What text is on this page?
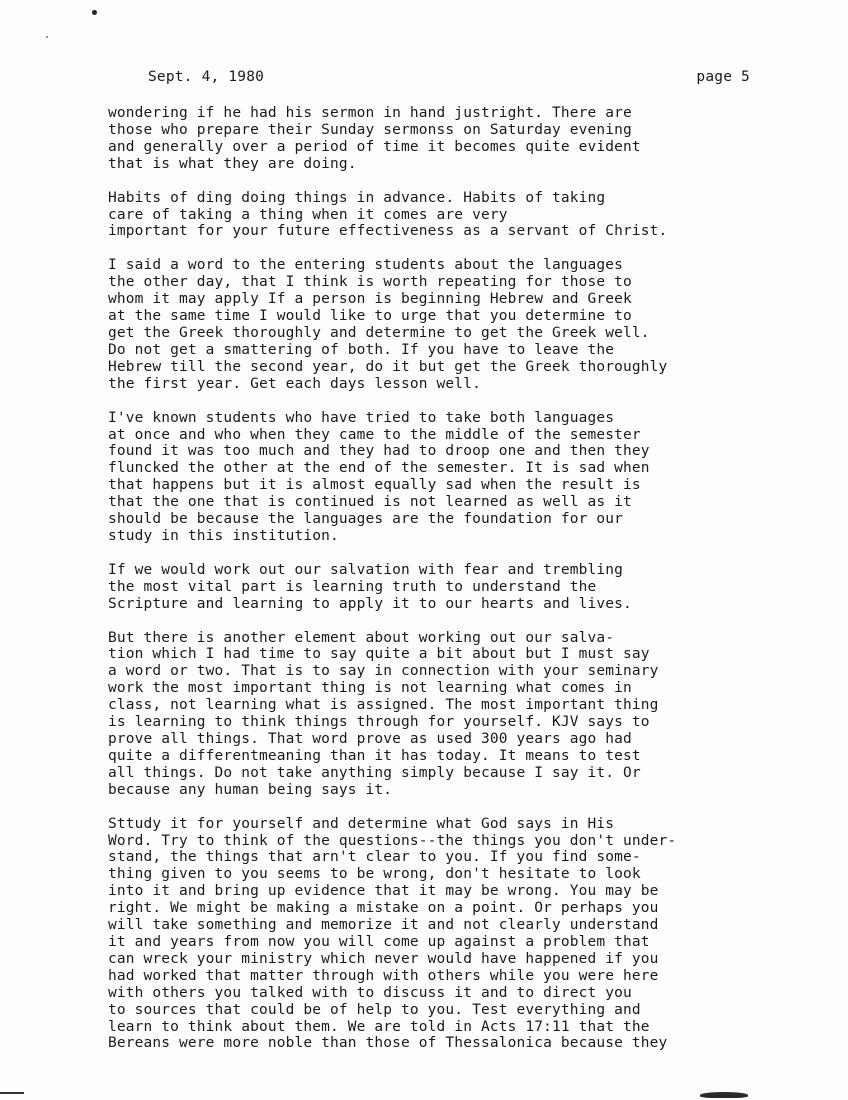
Sept. 4, 1980	page 5

wondering if he had his sermon in hand justright. There are
those who prepare their Sunday sermonss on Saturday evening
and generally over a period of time it becomes quite evident
that is what they are doing.

Habits of ding doing things in advance. Habits of taking
care of taking a thing when it comes are very
important for your future effectiveness as a servant of Christ.

I said a word to the entering students about the languages
the other day, that I think is worth repeating for those to
whom it may apply If a person is beginning Hebrew and Greek
at the same time I would like to urge that you determine to
get the Greek thoroughly and determine to get the Greek well.
Do not get a smattering of both. If you have to leave the
Hebrew till the second year, do it but get the Greek thoroughly
the first year. Get each days lesson well.

I've known students who have tried to take both languages
at once and who when they came to the middle of the semester
found it was too much and they had to droop one and then they
fluncked the other at the end of the semester. It is sad when
that happens but it is almost equally sad when the result is
that the one that is continued is not learned as well as it
should be because the languages are the foundation for our
study in this institution.

If we would work out our salvation with fear and trembling
the most vital part is learning truth to understand the
Scripture and learning to apply it to our hearts and lives.

But there is another element about working out our salva-
tion which I had time to say quite a bit about but I must say
a word or two. That is to say in connection with your seminary
work the most important thing is not learning what comes in
class, not learning what is assigned. The most important thing
is learning to think things through for yourself. KJV says to
prove all things. That word prove as used 300 years ago had
quite a differentmeaning than it has today. It means to test
all things. Do not take anything simply because I say it. Or
because any human being says it.

Sttudy it for yourself and determine what God says in His
Word. Try to think of the questions--the things you don't under-
stand, the things that arn't clear to you. If you find some-
thing given to you seems to be wrong, don't hesitate to look
into it and bring up evidence that it may be wrong. You may be
right. We might be making a mistake on a point. Or perhaps you
will take something and memorize it and not clearly understand
it and years from now you will come up against a problem that
can wreck your ministry which never would have happened if you
had worked that matter through with others while you were here
with others you talked with to discuss it and to direct you
to sources that could be of help to you. Test everything and
learn to think about them. We are told in Acts 17:11 that the
Bereans were more noble than those of Thessalonica because they
